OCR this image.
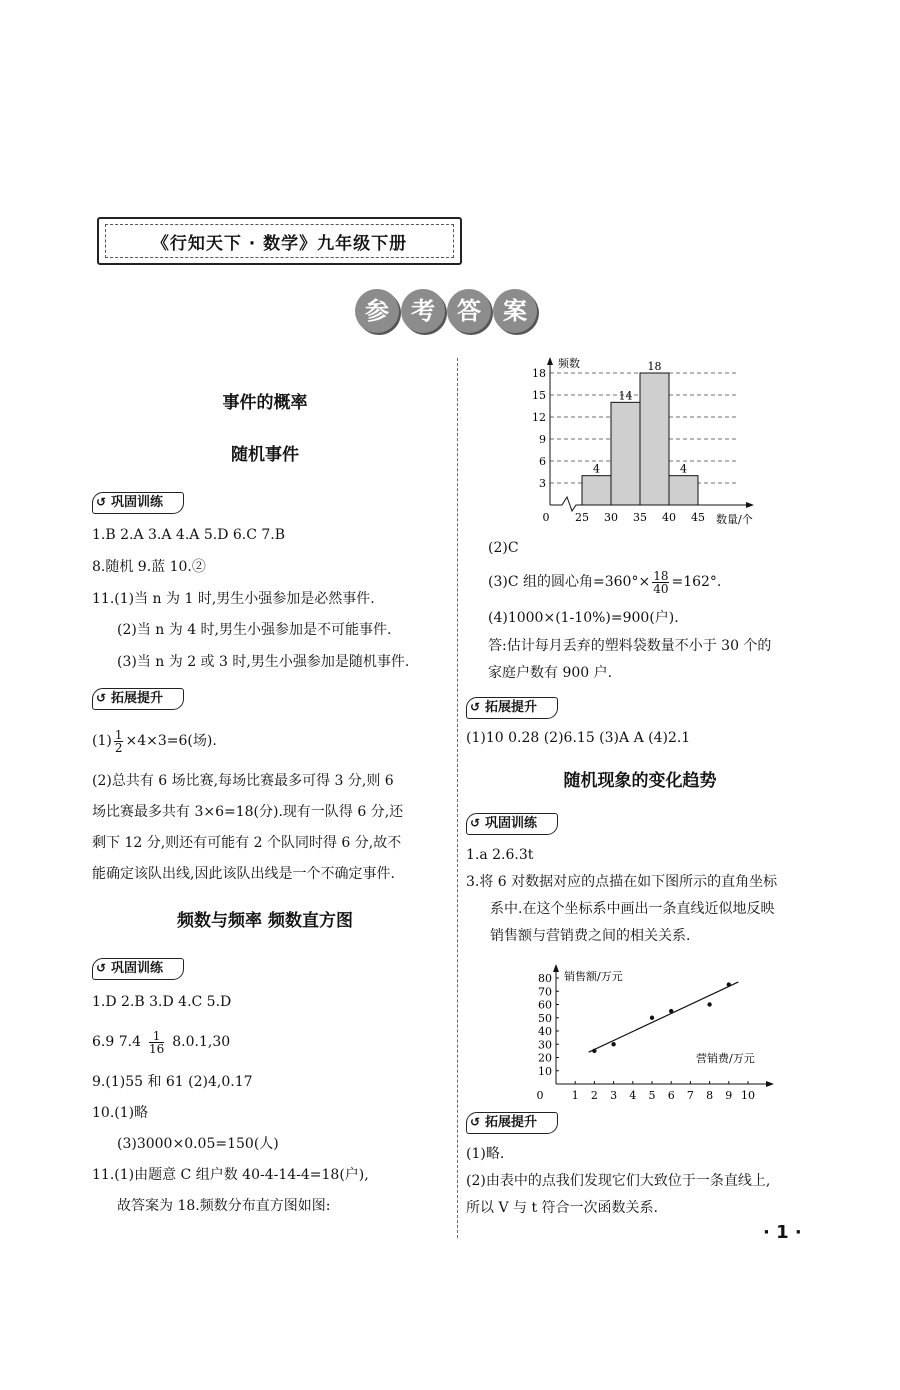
《行知天下 · 数学》九年级下册
参 考 答 案
事件的概率
随机事件
↺ 巩固训练
1.B 2.A 3.A 4.A 5.D 6.C 7.B
8.随机 9.蓝 10.②
11.(1)当 n 为 1 时,男生小强参加是必然事件.
(2)当 n 为 4 时,男生小强参加是不可能事件.
(3)当 n 为 2 或 3 时,男生小强参加是随机事件.
↺ 拓展提升
$(1) \frac{1}{2} \times 4\times 3=6$(场).
(2)总共有 6 场比赛,每场比赛最多可得 3 分,则 6
场比赛最多共有 3×6=18(分).现有一队得 6 分,还
剩下 12 分,则还有可能有 2 个队同时得 6 分,故不
能确定该队出线,因此该队出线是一个不确定事件.
频数与频率 频数直方图
↺ 巩固训练
1.D 2.B 3.D 4.C 5.D
6.9 $7.4 \frac{1}{16} 8.0.1,30$
9.(1)55 和 61 (2)4,0.17
10.(1)略
(3)3000×0.05=150(人)
11.(1)由题意 C 组户数 40-4-14-4=18(户),
故答案为 18.频数分布直方图如图:
3
6
9
12
15
18
4
14
18
4
频数
数量/个
0 25 30 35 40 45
(2)C
(3)C 组的圆心角$=360^\circ\times \frac{18}{40} =162^\circ$.
(4)1000×(1-10%)=900(户).
答:估计每月丢弃的塑料袋数量不小于 30 个的
家庭户数有 900 户.
↺ 拓展提升
(1)10 0.28 (2)6.15 (3)A A (4)2.1
随机现象的变化趋势
↺ 巩固训练
1.a 2.6.3t
3.将 6 对数据对应的点描在如下图所示的直角坐标
系中.在这个坐标系中画出一条直线近似地反映
销售额与营销费之间的相关关系.
10
20
30
40
50
60
70
80
0	1 2 3 4 5 6 7 8 9 10
销售额/万元
营销费/万元
↺ 拓展提升
(1)略.
(2)由表中的点我们发现它们大致位于一条直线上,
所以 V 与 t 符合一次函数关系.
· 1 ·
